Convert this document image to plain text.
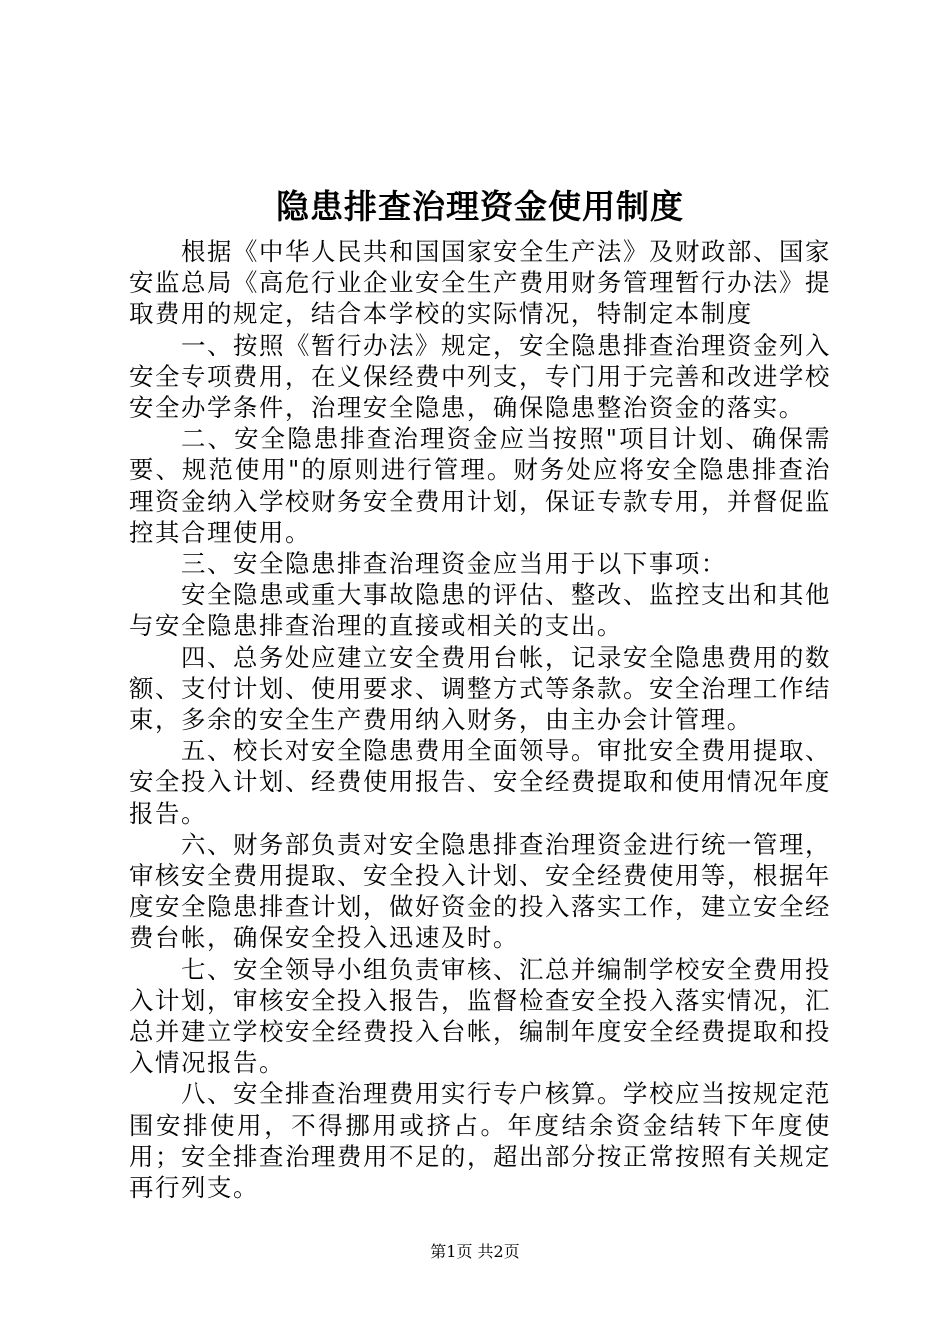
隐患排查治理资金使用制度

根据《中华人民共和国国家安全生产法》及财政部、国家安监总局《高危行业企业安全生产费用财务管理暂行办法》提取费用的规定，结合本学校的实际情况，特制定本制度

一、按照《暂行办法》规定，安全隐患排查治理资金列入安全专项费用，在义保经费中列支，专门用于完善和改进学校安全办学条件，治理安全隐患，确保隐患整治资金的落实。

二、安全隐患排查治理资金应当按照"项目计划、确保需要、规范使用"的原则进行管理。财务处应将安全隐患排查治理资金纳入学校财务安全费用计划，保证专款专用，并督促监控其合理使用。

三、安全隐患排查治理资金应当用于以下事项：

安全隐患或重大事故隐患的评估、整改、监控支出和其他与安全隐患排查治理的直接或相关的支出。

四、总务处应建立安全费用台帐，记录安全隐患费用的数额、支付计划、使用要求、调整方式等条款。安全治理工作结束，多余的安全生产费用纳入财务，由主办会计管理。

五、校长对安全隐患费用全面领导。审批安全费用提取、安全投入计划、经费使用报告、安全经费提取和使用情况年度报告。

六、财务部负责对安全隐患排查治理资金进行统一管理，审核安全费用提取、安全投入计划、安全经费使用等，根据年度安全隐患排查计划，做好资金的投入落实工作，建立安全经费台帐，确保安全投入迅速及时。

七、安全领导小组负责审核、汇总并编制学校安全费用投入计划，审核安全投入报告，监督检查安全投入落实情况，汇总并建立学校安全经费投入台帐，编制年度安全经费提取和投入情况报告。

八、安全排查治理费用实行专户核算。学校应当按规定范围安排使用，不得挪用或挤占。年度结余资金结转下年度使用；安全排查治理费用不足的，超出部分按正常按照有关规定再行列支。

第1页 共2页
